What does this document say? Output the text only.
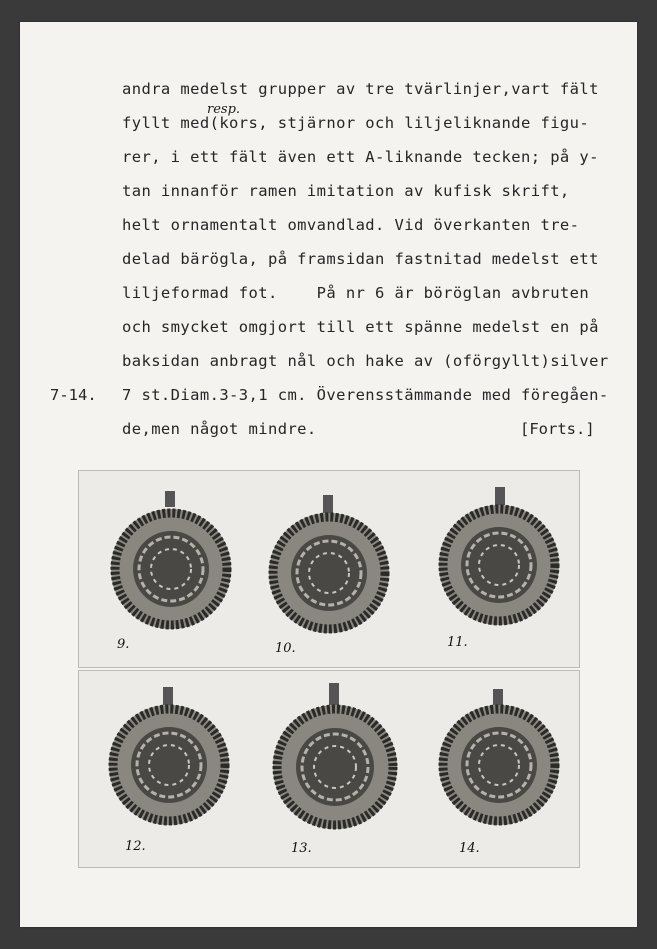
resp.
andra medelst grupper av tre tvärlinjer,vart fält
fyllt med(kors, stjärnor och liljeliknande figu-
rer, i ett fält även ett A-liknande tecken; på y-
tan innanför ramen imitation av kufisk skrift,
helt ornamentalt omvandlad. Vid överkanten tre-
delad bärögla, på framsidan fastnitad medelst ett
liljeformad fot.    På nr 6 är böröglan avbruten
och smycket omgjort till ett spänne medelst en på
baksidan anbragt nål och hake av (oförgyllt)silver
7-14. 7 st.Diam.3-3,1 cm. Överensstämmande med föregåen-
de,men något mindre.	[Forts.]
9.	10.	11.
12.	13.	14.
